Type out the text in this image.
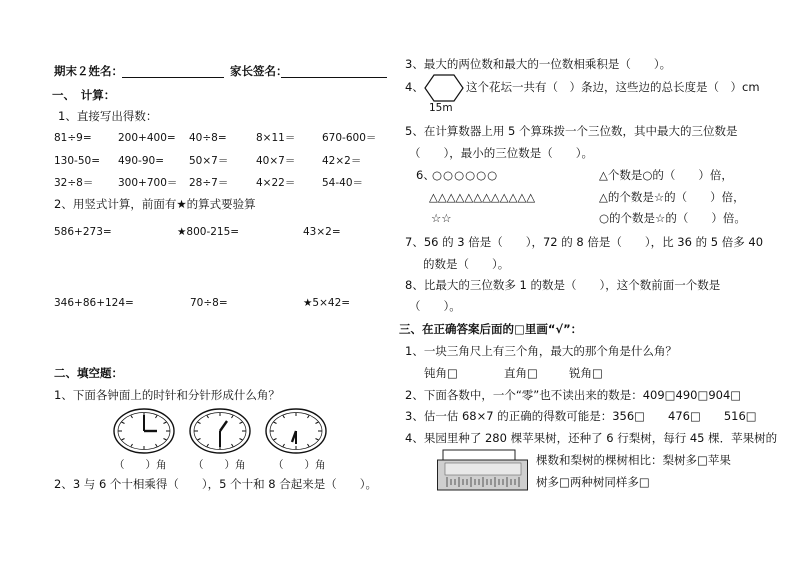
期末２姓名：	家长签名：
一、　计算：
1、直接写出得数：
81÷9=	200+400= 40÷8=	8×11＝	670-600＝
130-50= 490-90= 50×7＝	40×7＝	42×2＝
32÷8＝ 300+700＝ 28÷7＝	4×22＝	54-40＝
2、用竖式计算，前面有★的算式要验算
586+273=	★800-215=	43×2=
346+86+124=	70÷8=	★5×42=
二、填空题：
1、下面各钟面上的时针和分针形成什么角？
（　　）角	（　　）角	（　　）角
2、3 与 6 个十相乘得（　　），5 个十和 8 合起来是（　　）。
3、最大的两位数和最大的一位数相乘积是（　　）。
4、
15m
这个花坛一共有（　）条边，这些边的总长度是（　）cm
5、在计算数器上用 5 个算珠拨一个三位数，其中最大的三位数是
（　　），最小的三位数是（　　）。
6、
○○○○○○
△△△△△△△△△△△△
☆☆
△个数是○的（　　）倍，
△的个数是☆的（　　）倍，
○的个数是☆的（　　）倍。
7、56 的 3 倍是（　　），72 的 8 倍是（　　），比 36 的 5 倍多 40
的数是（　　）。
8、比最大的三位数多 1 的数是（　　），这个数前面一个数是
（　　）。
三、在正确答案后面的□里画“√”：
1、一块三角尺上有三个角，最大的那个角是什么角？
钝角□	直角□	锐角□
2、下面各数中，一个“零”也不读出来的数是：409□490□904□
3、估一估 68×7 的正确的得数可能是：356□　　476□　　516□
4、果园里种了 280 棵苹果树，还种了 6 行梨树，每行 45 棵．苹果树的
棵数和梨树的棵树相比：梨树多□苹果
树多□两种树同样多□
